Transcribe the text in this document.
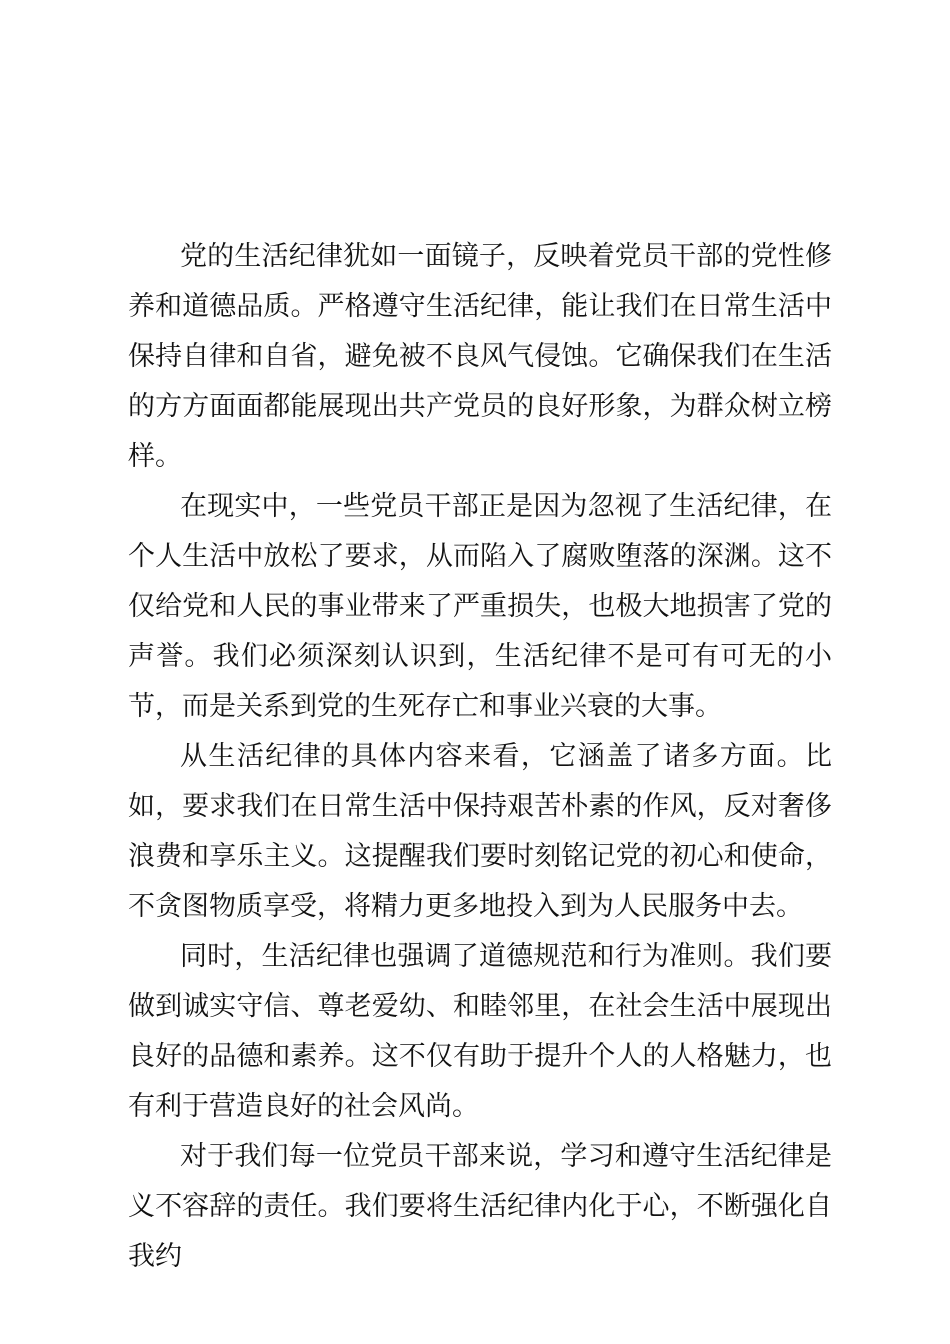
党的生活纪律犹如一面镜子，反映着党员干部的党性修养和道德品质。严格遵守生活纪律，能让我们在日常生活中保持自律和自省，避免被不良风气侵蚀。它确保我们在生活的方方面面都能展现出共产党员的良好形象，为群众树立榜样。

在现实中，一些党员干部正是因为忽视了生活纪律，在个人生活中放松了要求，从而陷入了腐败堕落的深渊。这不仅给党和人民的事业带来了严重损失，也极大地损害了党的声誉。我们必须深刻认识到，生活纪律不是可有可无的小节，而是关系到党的生死存亡和事业兴衰的大事。

从生活纪律的具体内容来看，它涵盖了诸多方面。比如，要求我们在日常生活中保持艰苦朴素的作风，反对奢侈浪费和享乐主义。这提醒我们要时刻铭记党的初心和使命，不贪图物质享受，将精力更多地投入到为人民服务中去。

同时，生活纪律也强调了道德规范和行为准则。我们要做到诚实守信、尊老爱幼、和睦邻里，在社会生活中展现出良好的品德和素养。这不仅有助于提升个人的人格魅力，也有利于营造良好的社会风尚。

对于我们每一位党员干部来说，学习和遵守生活纪律是义不容辞的责任。我们要将生活纪律内化于心，不断强化自我约
